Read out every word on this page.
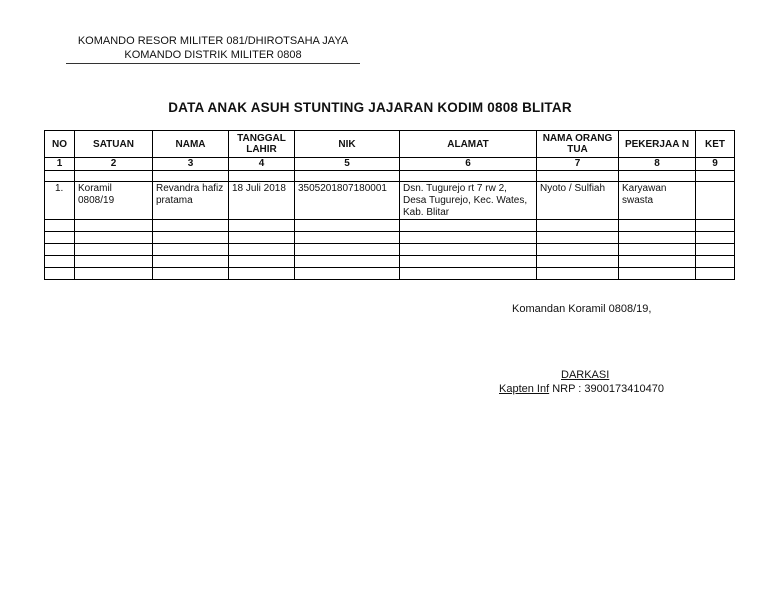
KOMANDO RESOR MILITER 081/DHIROTSAHA JAYA
KOMANDO DISTRIK MILITER 0808
DATA ANAK ASUH STUNTING JAJARAN KODIM 0808 BLITAR
NO	SATUAN	NAMA	TANGGAL LAHIR	NIK	ALAMAT	NAMA ORANG TUA	PEKERJAA N	KET
1	2	3	4	5	6	7	8	9

1.	Koramil 0808/19	Revandra hafiz pratama	18 Juli 2018	3505201807180001	Dsn. Tugurejo rt 7 rw 2, Desa Tugurejo, Kec. Wates, Kab. Blitar	Nyoto / Sulfiah	Karyawan swasta	

Komandan Koramil 0808/19,
DARKASI
Kapten Inf NRP : 3900173410470
